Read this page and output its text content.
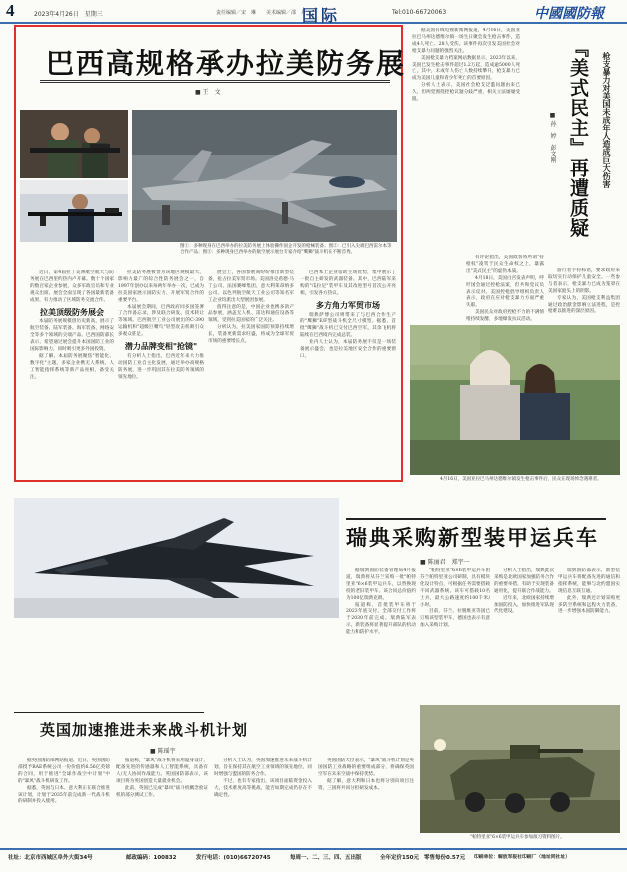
4	2023年4月26日　星期三	责任编辑／宋　琳　　美术编辑／邵　丹
国际	Tel:010-66720063	中國國防報
巴西高规格承办拉美防务展
■ 王　文
图①：多种现身在巴西举办的拉美防务展上体验操作国企开发的枪械装备；图②：已引入尖端巴西雷尔本等合作产品；图③：多种现身巴西举办的航空展示展台专家介绍"鹰狮"战斗机在不断首秀。

近日，第4届拉丁美洲航空航天与防务展在巴西里约热内卢开幕。数十个国家的数百家企业参展，众多军政官员和专业观众出席。展会全面呈现了各国最新装备成果，有力推动了区域防务交流合作。

拉美顶级防务展会

本届防务展规模创历史新高，展示了航空装备、陆军装备、海军装备、网络安全等多个领域的尖端产品。巴西国防部长表示，希望通过展会提升本国国防工业的国际影响力，同时吸引更多外国投资。

据了解，本届防务展聚焦"智能化、数字化"主题，多家企业携无人系统、人工智能指挥系统等新产品亮相，备受关注。

拉美防务展被誉为该地区规模最大、影响力最广的综合性防务展会之一，自1997年创办以来每两年举办一次，已成为拉美国家展示国防实力、开展军贸合作的重要平台。

本届展会期间，巴西政府同多国签署了合作备忘录，涉及联合研发、技术转让等领域。巴西航空工业公司展出的C-390运输机和"超级巨嘴鸟"轻型攻击机吸引众多观众驻足。

潜力品牌变相"抢镜"

有分析人士指出，巴西近年来大力推动国防工业自主化发展，通过举办高规格防务展，进一步巩固其在拉美防务领域的领先地位。

展会上，各国参展商纷纷推出新型装备，抢占拉美军贸市场。美国洛克希德·马丁公司、法国赛峰集团、意大利莱昂纳多公司、以色列航空航天工业公司等知名军工企业均派出大型展团参展。

值得注意的是，中国企业也携多款产品参展，涵盖无人机、雷达和通信设备等领域，受到拉美国家的广泛关注。

分析认为，拉美国家国防预算持续增长，装备更新需求旺盛，将成为全球军贸市场的重要增长点。

巴西本土企业借助主场优势，集中展示了一批自主研发的武器装备。其中，巴西陆军采购的"瓜拉尼"装甲车及其改进型号首次公开亮相，引发各方热议。

多方角力军贸市场

瑞典萨博公司则带来了与巴西合作生产的"鹰狮"E/F型战斗机全尺寸模型。据悉，首批"鹰狮"战斗机已交付巴西空军，其余飞机将陆续在巴西境内完成总装。

业内人士认为，本届防务展不仅是一场装备展示盛会，也是拉美地区安全合作的重要窗口。

据美国有线电视新闻网报道，4月16日，美国亚拉巴马州达德维尔镇一场生日聚会发生枪击事件，造成4人死亡、28人受伤。该事件再次引发美国社会对枪支暴力问题的强烈关注。

美国枪支暴力档案网站数据显示，2023年以来，美国已发生枪击事件超过1.2万起，造成逾5000人死亡。其中，未成年人伤亡人数持续攀升，枪支暴力已成为美国儿童和青少年死亡的首要原因。

分析人士表示，美国社会枪支泛滥问题由来已久，但两党围绕控枪议题分歧严重，相关立法屡屡受阻。	『美式民主』再遭质疑
枪支暴力对美国未成年人造成巨大伤害
■ 孙　婷　彭文刚

有评论指出，美国政客将所谓"持枪权"凌驾于民众生命权之上，暴露出"美式民主"的虚伪本质。

4月18日，美国白宫发表声明，呼吁国会通过控枪法案，但共和党议员表示反对。美国控枪倡导组织负责人表示，政府在应对枪支暴力方面严重失职。

美国民众对政府控枪不力的不满情绪持续发酵，多地爆发抗议活动。

游行者手持标语，要求政府采取切实行动保护儿童安全。一些参与者表示，枪支暴力已成为笼罩在美国家庭头上的阴影。

专家认为，美国枪支利益集团通过政治献金影响立法进程，是控枪难以推进的深层原因。

4月16日，美国亚拉巴马州达德维尔镇发生枪击事件后，民众在现场悼念遇难者。
瑞典采购新型装甲运兵车
■ 陈丽君　郑宇一

据瑞典国防装备管理局4月报道，瑞典将从芬兰采购一批"帕特里亚"6×6装甲运兵车，以替换现役的老旧装甲车。该合同总价值约为100亿瑞典克朗。

报道称，首批装甲车将于2023年底交付，全部交付工作将于2030年前完成。瑞典陆军表示，新装备将显著提升部队的机动能力和防护水平。

"帕特里亚"6×6装甲运兵车由芬兰帕特里亚公司研制，具有模块化设计特点，可根据任务需要搭载不同武器系统。该车可搭载10名士兵，最大公路速度约100千米/小时。

目前，芬兰、拉脱维亚等国已订购该型装甲车，德国也表示有意加入采购计划。

分析人士指出，瑞典此次采购是北欧国家加强防务合作的重要举措，有助于实现装备通用化，提升联合作战能力。

近年来，北欧国家持续增加国防投入，加快推进军队现代化建设。

瑞典国防部表示，新型装甲运兵车将配备先进的通信和指挥系统，能够与北约盟国实现信息互联互通。

此外，瑞典还计划采购更多防空系统和远程火力装备，进一步增强本国防御能力。

"帕特里亚"6×6装甲运兵车参加演习资料图片。
英国加速推进未来战斗机计划
■ 陈瑶宇

据英国国防部网站报道，近日，英国国防部授予BAE系统公司一份价值约6.56亿英镑的合同，用于推进"全球作战空中计划"中的"暴风"战斗机研发工作。

据悉，英国与日本、意大利正在联合推进该计划，计划于2035年前完成新一代战斗机的研制并投入使用。

报道称，"暴风"战斗机将采用隐身设计，配备先进的传感器和人工智能系统，具备有人/无人协同作战能力。英国国防部表示，该项目将为英国创造大量就业机会。

此前，英国已完成"暴风"战斗机概念验证机的部分测试工作。

分析人士认为，英国加速推进未来战斗机计划，旨在保持其在航空工业领域的领先地位，同时增强与盟国的防务合作。

不过，也有专家指出，该项目面临资金投入大、技术难度高等挑战，能否如期完成仍存在不确定性。

英国国防大臣表示，"暴风"战斗机计划是英国国防工业战略的重要组成部分，将确保英国空军在未来空战中保持优势。

据了解，意大利和日本也将分别向项目注资，三国将共同分担研发成本。

社址：北京市西城区阜外大街34号	邮政编码：100832	发行电话：(010)66720745	每周一、二、三、四、五出版	全年定价150元 零售每份0.57元 印刷单位：解放军报社印刷厂（地址同社址）
